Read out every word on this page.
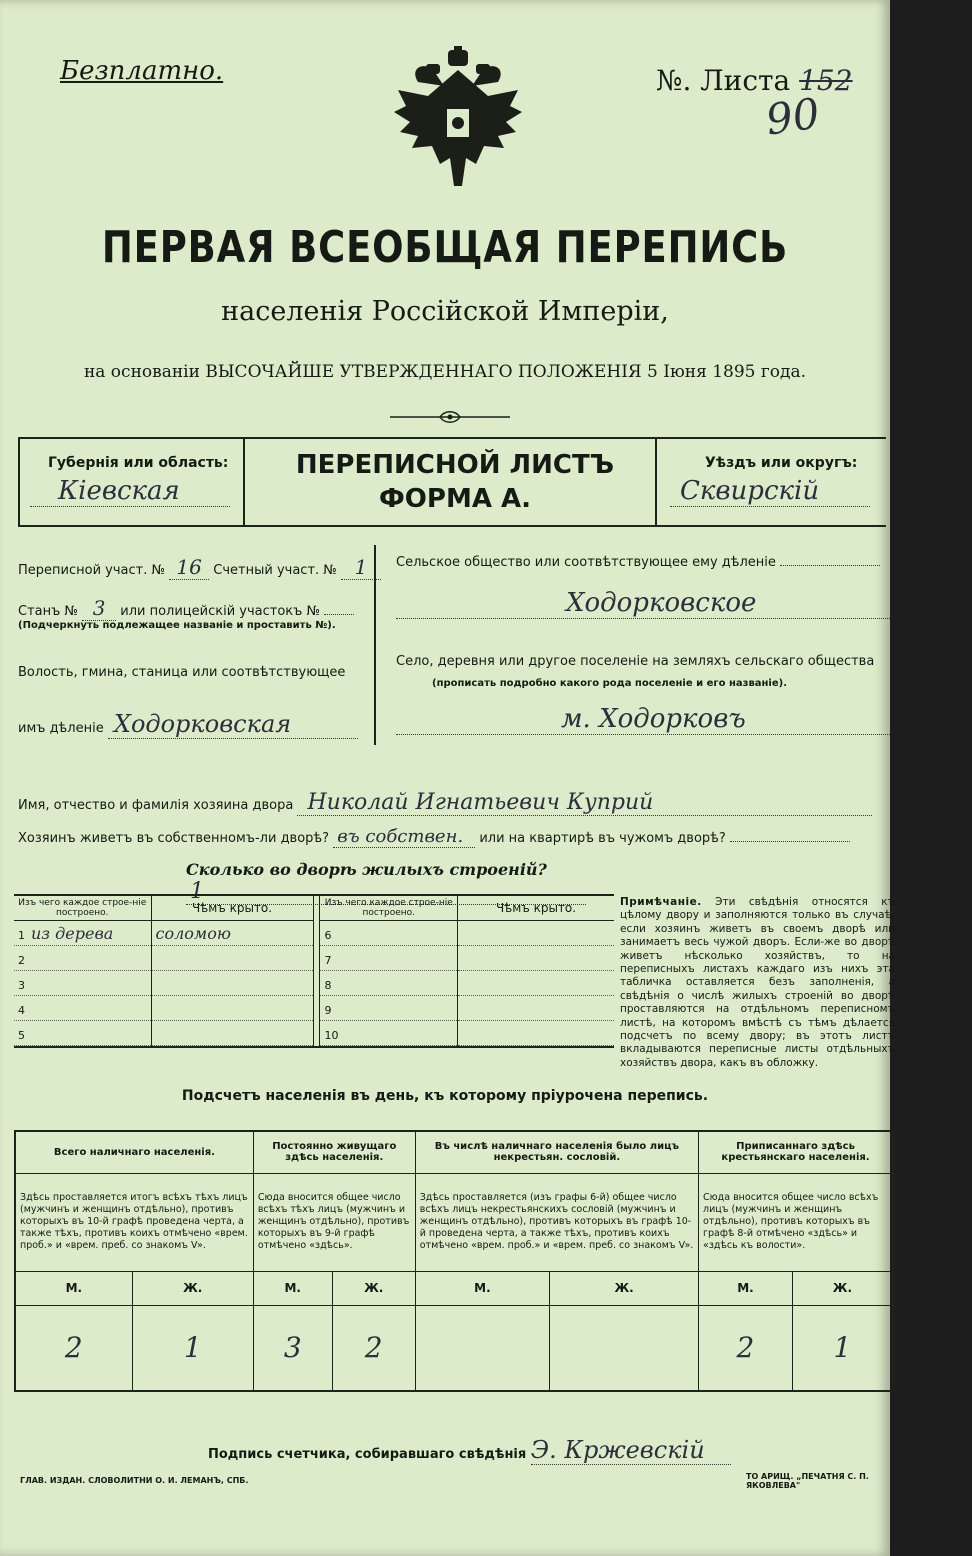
Безплатно.	№. Листа 152
90
ПЕРВАЯ ВСЕОБЩАЯ ПЕРЕПИСЬ
населенія Россійской Имперіи,
на основаніи ВЫСОЧАЙШЕ УТВЕРЖДЕННАГО ПОЛОЖЕНІЯ 5 Іюня 1895 года.
Губернія или область:
Кіевская
ПЕРЕПИСНОЙ ЛИСТЪ
ФОРМА А.
Уѣздъ или округъ:
Сквирскій
Переписной участ. № 16 Счетный участ. № 1
Станъ № 3 или полицейскій участокъ №
(Подчеркнуть подлежащее названіе и проставить №).
Волость, гмина, станица или соотвѣтствующее
имъ дѣленіе Ходорковская
Сельское общество или соотвѣтствующее ему дѣленіе
Ходорковское
Село, деревня или другое поселеніе на земляхъ сельскаго общества
(прописать подробно какого рода поселеніе и его названіе).
м. Ходорковъ
Имя, отчество и фамилія хозяина двора Николай Игнатьевич Куприй
Хозяинъ живетъ въ собственномъ-ли дворѣ? въ собствен. или на квартирѣ въ чужомъ дворѣ?
Сколько во дворѣ жилыхъ строеній? 1
Изъ чего каждое строе-ніе построено.	Чѣмъ крыто.
1 из дерева	соломою
2	
3	
4	
5	
Изъ чего каждое строе-ніе построено.	Чѣмъ крыто.
6	
7	
8	
9	
10	
Примѣчаніе. Эти свѣдѣнія относятся къ цѣлому двору и заполняются только въ случаѣ, если хозяинъ живетъ въ своемъ дворѣ или занимаетъ весь чужой дворъ. Если-же во дворѣ живетъ нѣсколько хозяйствъ, то на переписныхъ листахъ каждаго изъ нихъ эта табличка оставляется безъ заполненія, а свѣдѣнія о числѣ жилыхъ строеній во дворѣ проставляются на отдѣльномъ переписномъ листѣ, на которомъ вмѣстѣ съ тѣмъ дѣлается подсчетъ по всему двору; въ этотъ листъ вкладываются переписные листы отдѣльныхъ хозяйствъ двора, какъ въ обложку.
Подсчетъ населенія въ день, къ которому пріурочена перепись.
Всего наличнаго населенія.		Постоянно живущаго здѣсь населенія.		Въ числѣ наличнаго населенія было лицъ некрестьян. сословій.		Приписаннаго здѣсь крестьянскаго населенія.	
Здѣсь проставляется итогъ всѣхъ тѣхъ лицъ (мужчинъ и женщинъ отдѣльно), противъ которыхъ въ 10-й графѣ проведена черта, а также тѣхъ, противъ коихъ отмѣчено «врем. проб.» и «врем. преб. со знакомъ V».		Сюда вносится общее число всѣхъ тѣхъ лицъ (мужчинъ и женщинъ отдѣльно), противъ которыхъ въ 9-й графѣ отмѣчено «здѣсь».		Здѣсь проставляется (изъ графы 6-й) общее число всѣхъ лицъ некрестьянскихъ сословій (мужчинъ и женщинъ отдѣльно), противъ которыхъ въ графѣ 10-й проведена черта, а также тѣхъ, противъ коихъ отмѣчено «врем. проб.» и «врем. преб. со знакомъ V».		Сюда вносится общее число всѣхъ лицъ (мужчинъ и женщинъ отдѣльно), противъ которыхъ въ графѣ 8-й отмѣчено «здѣсь» и «здѣсь къ волости».	
М.	Ж.	М.	Ж.	М.	Ж.	М.	Ж.
2	1	3	2			2	1
Подпись счетчика, собиравшаго свѣдѣнія Э. Кржевскій
ГЛАВ. ИЗДАН. СЛОВОЛИТНИ О. И. ЛЕМАНЪ, СПБ.	ТО АРИЩ. „ПЕЧАТНЯ С. П. ЯКОВЛЕВА"
